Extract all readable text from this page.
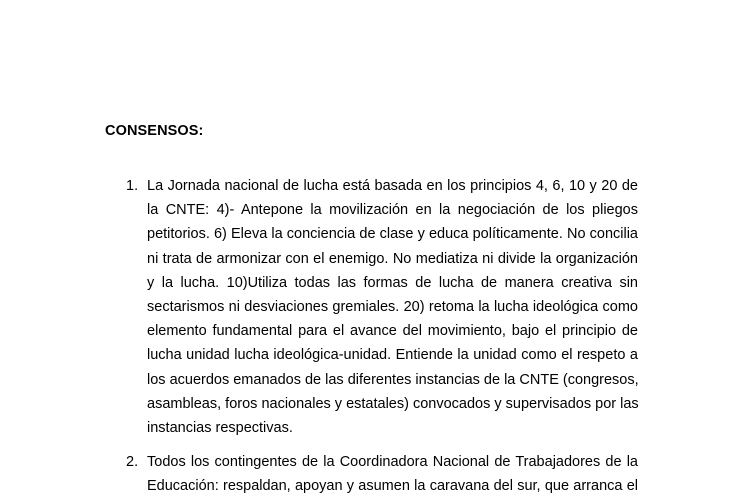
CONSENSOS:
1. La Jornada nacional de lucha está basada en los principios 4, 6, 10 y 20 de
la CNTE: 4)- Antepone la movilización en la negociación de los pliegos
petitorios. 6) Eleva la conciencia de clase y educa políticamente. No concilia
ni trata de armonizar con el enemigo. No mediatiza ni divide la organización
y la lucha. 10)Utiliza todas las formas de lucha de manera creativa sin
sectarismos ni desviaciones gremiales. 20) retoma la lucha ideológica como
elemento fundamental para el avance del movimiento, bajo el principio de
lucha unidad lucha ideológica-unidad. Entiende la unidad como el respeto a
los acuerdos emanados de las diferentes instancias de la CNTE (congresos,
asambleas, foros nacionales y estatales) convocados y supervisados por las
instancias respectivas.
2. Todos los contingentes de la Coordinadora Nacional de Trabajadores de la
Educación: respaldan, apoyan y asumen la caravana del sur, que arranca el
